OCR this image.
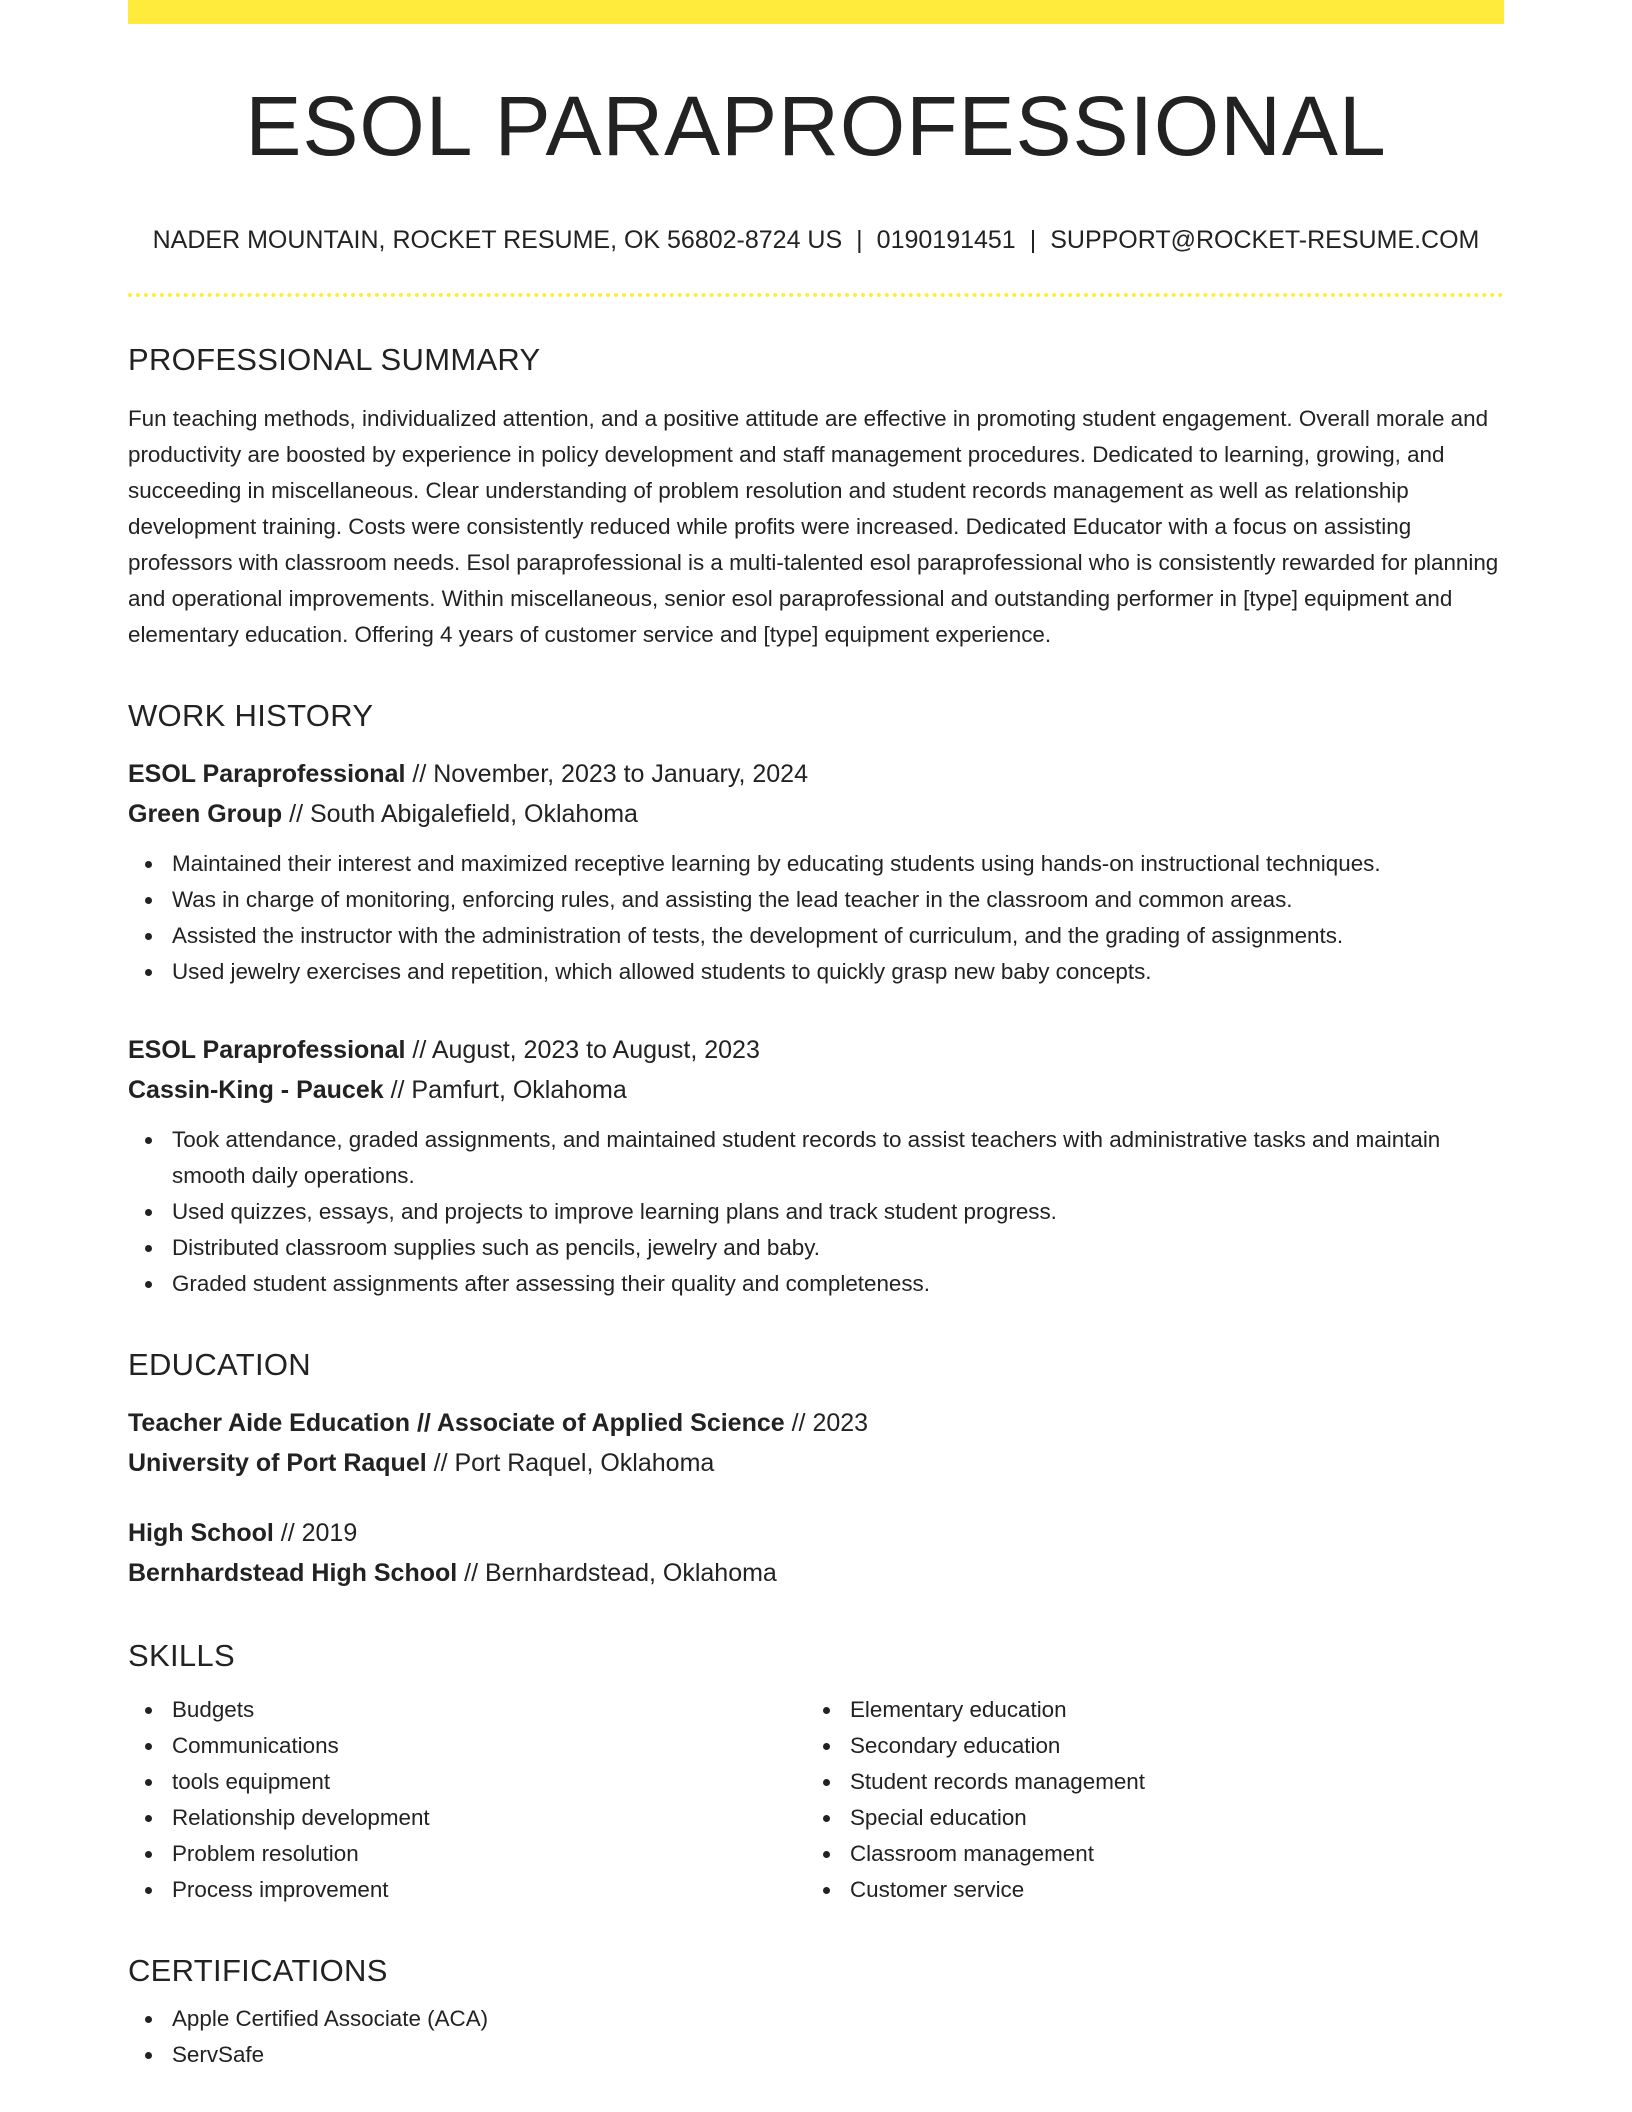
ESOL PARAPROFESSIONAL
NADER MOUNTAIN, ROCKET RESUME, OK 56802-8724 US | 0190191451 | SUPPORT@ROCKET-RESUME.COM
PROFESSIONAL SUMMARY

Fun teaching methods, individualized attention, and a positive attitude are effective in promoting student engagement. Overall morale and productivity are boosted by experience in policy development and staff management procedures. Dedicated to learning, growing, and succeeding in miscellaneous. Clear understanding of problem resolution and student records management as well as relationship development training. Costs were consistently reduced while profits were increased. Dedicated Educator with a focus on assisting professors with classroom needs. Esol paraprofessional is a multi-talented esol paraprofessional who is consistently rewarded for planning and operational improvements. Within miscellaneous, senior esol paraprofessional and outstanding performer in [type] equipment and elementary education. Offering 4 years of customer service and [type] equipment experience.

WORK HISTORY
ESOL Paraprofessional // November, 2023 to January, 2024
Green Group // South Abigalefield, Oklahoma
Maintained their interest and maximized receptive learning by educating students using hands-on instructional techniques.
Was in charge of monitoring, enforcing rules, and assisting the lead teacher in the classroom and common areas.
Assisted the instructor with the administration of tests, the development of curriculum, and the grading of assignments.
Used jewelry exercises and repetition, which allowed students to quickly grasp new baby concepts.
ESOL Paraprofessional // August, 2023 to August, 2023
Cassin-King - Paucek // Pamfurt, Oklahoma
Took attendance, graded assignments, and maintained student records to assist teachers with administrative tasks and maintain smooth daily operations.
Used quizzes, essays, and projects to improve learning plans and track student progress.
Distributed classroom supplies such as pencils, jewelry and baby.
Graded student assignments after assessing their quality and completeness.
EDUCATION
Teacher Aide Education // Associate of Applied Science // 2023
University of Port Raquel // Port Raquel, Oklahoma
High School // 2019
Bernhardstead High School // Bernhardstead, Oklahoma
SKILLS
Budgets
Communications
tools equipment
Relationship development
Problem resolution
Process improvement
Elementary education
Secondary education
Student records management
Special education
Classroom management
Customer service
CERTIFICATIONS
Apple Certified Associate (ACA)
ServSafe
